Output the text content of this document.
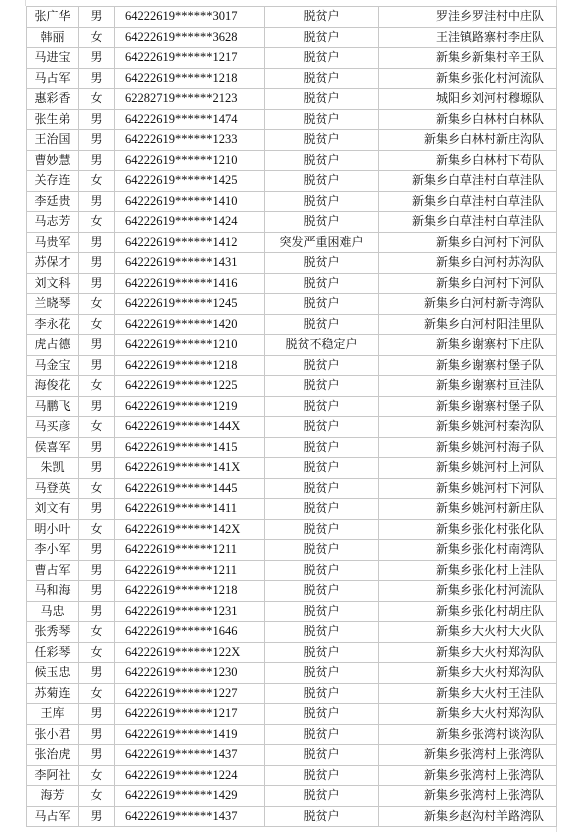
张广华	男	64222619******3017	脱贫户	罗洼乡罗洼村中庄队
韩丽	女	64222619******3628	脱贫户	王洼镇路寨村李庄队
马进宝	男	64222619******1217	脱贫户	新集乡新集村辛王队
马占军	男	64222619******1218	脱贫户	新集乡张化村河流队
惠彩香	女	62282719******2123	脱贫户	城阳乡刘河村穆塬队
张生弟	男	64222619******1474	脱贫户	新集乡白林村白林队
王治国	男	64222619******1233	脱贫户	新集乡白林村新庄沟队
曹妙慧	男	64222619******1210	脱贫户	新集乡白林村下苟队
关存连	女	64222619******1425	脱贫户	新集乡白草洼村白草洼队
李廷贵	男	64222619******1410	脱贫户	新集乡白草洼村白草洼队
马志芳	女	64222619******1424	脱贫户	新集乡白草洼村白草洼队
马贵军	男	64222619******1412	突发严重困难户	新集乡白河村下河队
苏保才	男	64222619******1431	脱贫户	新集乡白河村苏沟队
刘文科	男	64222619******1416	脱贫户	新集乡白河村下河队
兰晓琴	女	64222619******1245	脱贫户	新集乡白河村新寺湾队
李永花	女	64222619******1420	脱贫户	新集乡白河村阳洼里队
虎占德	男	64222619******1210	脱贫不稳定户	新集乡谢寨村下庄队
马金宝	男	64222619******1218	脱贫户	新集乡谢寨村堡子队
海俊花	女	64222619******1225	脱贫户	新集乡谢寨村亘洼队
马鹏飞	男	64222619******1219	脱贫户	新集乡谢寨村堡子队
马买彦	女	64222619******144X	脱贫户	新集乡姚河村秦沟队
侯喜军	男	64222619******1415	脱贫户	新集乡姚河村海子队
朱凯	男	64222619******141X	脱贫户	新集乡姚河村上河队
马登英	女	64222619******1445	脱贫户	新集乡姚河村下河队
刘文有	男	64222619******1411	脱贫户	新集乡姚河村新庄队
明小叶	女	64222619******142X	脱贫户	新集乡张化村张化队
李小军	男	64222619******1211	脱贫户	新集乡张化村南湾队
曹占军	男	64222619******1211	脱贫户	新集乡张化村上洼队
马和海	男	64222619******1218	脱贫户	新集乡张化村河流队
马忠	男	64222619******1231	脱贫户	新集乡张化村胡庄队
张秀琴	女	64222619******1646	脱贫户	新集乡大火村大火队
任彩琴	女	64222619******122X	脱贫户	新集乡大火村郑沟队
候玉忠	男	64222619******1230	脱贫户	新集乡大火村郑沟队
苏菊连	女	64222619******1227	脱贫户	新集乡大火村王洼队
王库	男	64222619******1217	脱贫户	新集乡大火村郑沟队
张小君	男	64222619******1419	脱贫户	新集乡张湾村谈沟队
张治虎	男	64222619******1437	脱贫户	新集乡张湾村上张湾队
李阿社	女	64222619******1224	脱贫户	新集乡张湾村上张湾队
海芳	女	64222619******1429	脱贫户	新集乡张湾村上张湾队
马占军	男	64222619******1437	脱贫户	新集乡赵沟村羊路湾队
